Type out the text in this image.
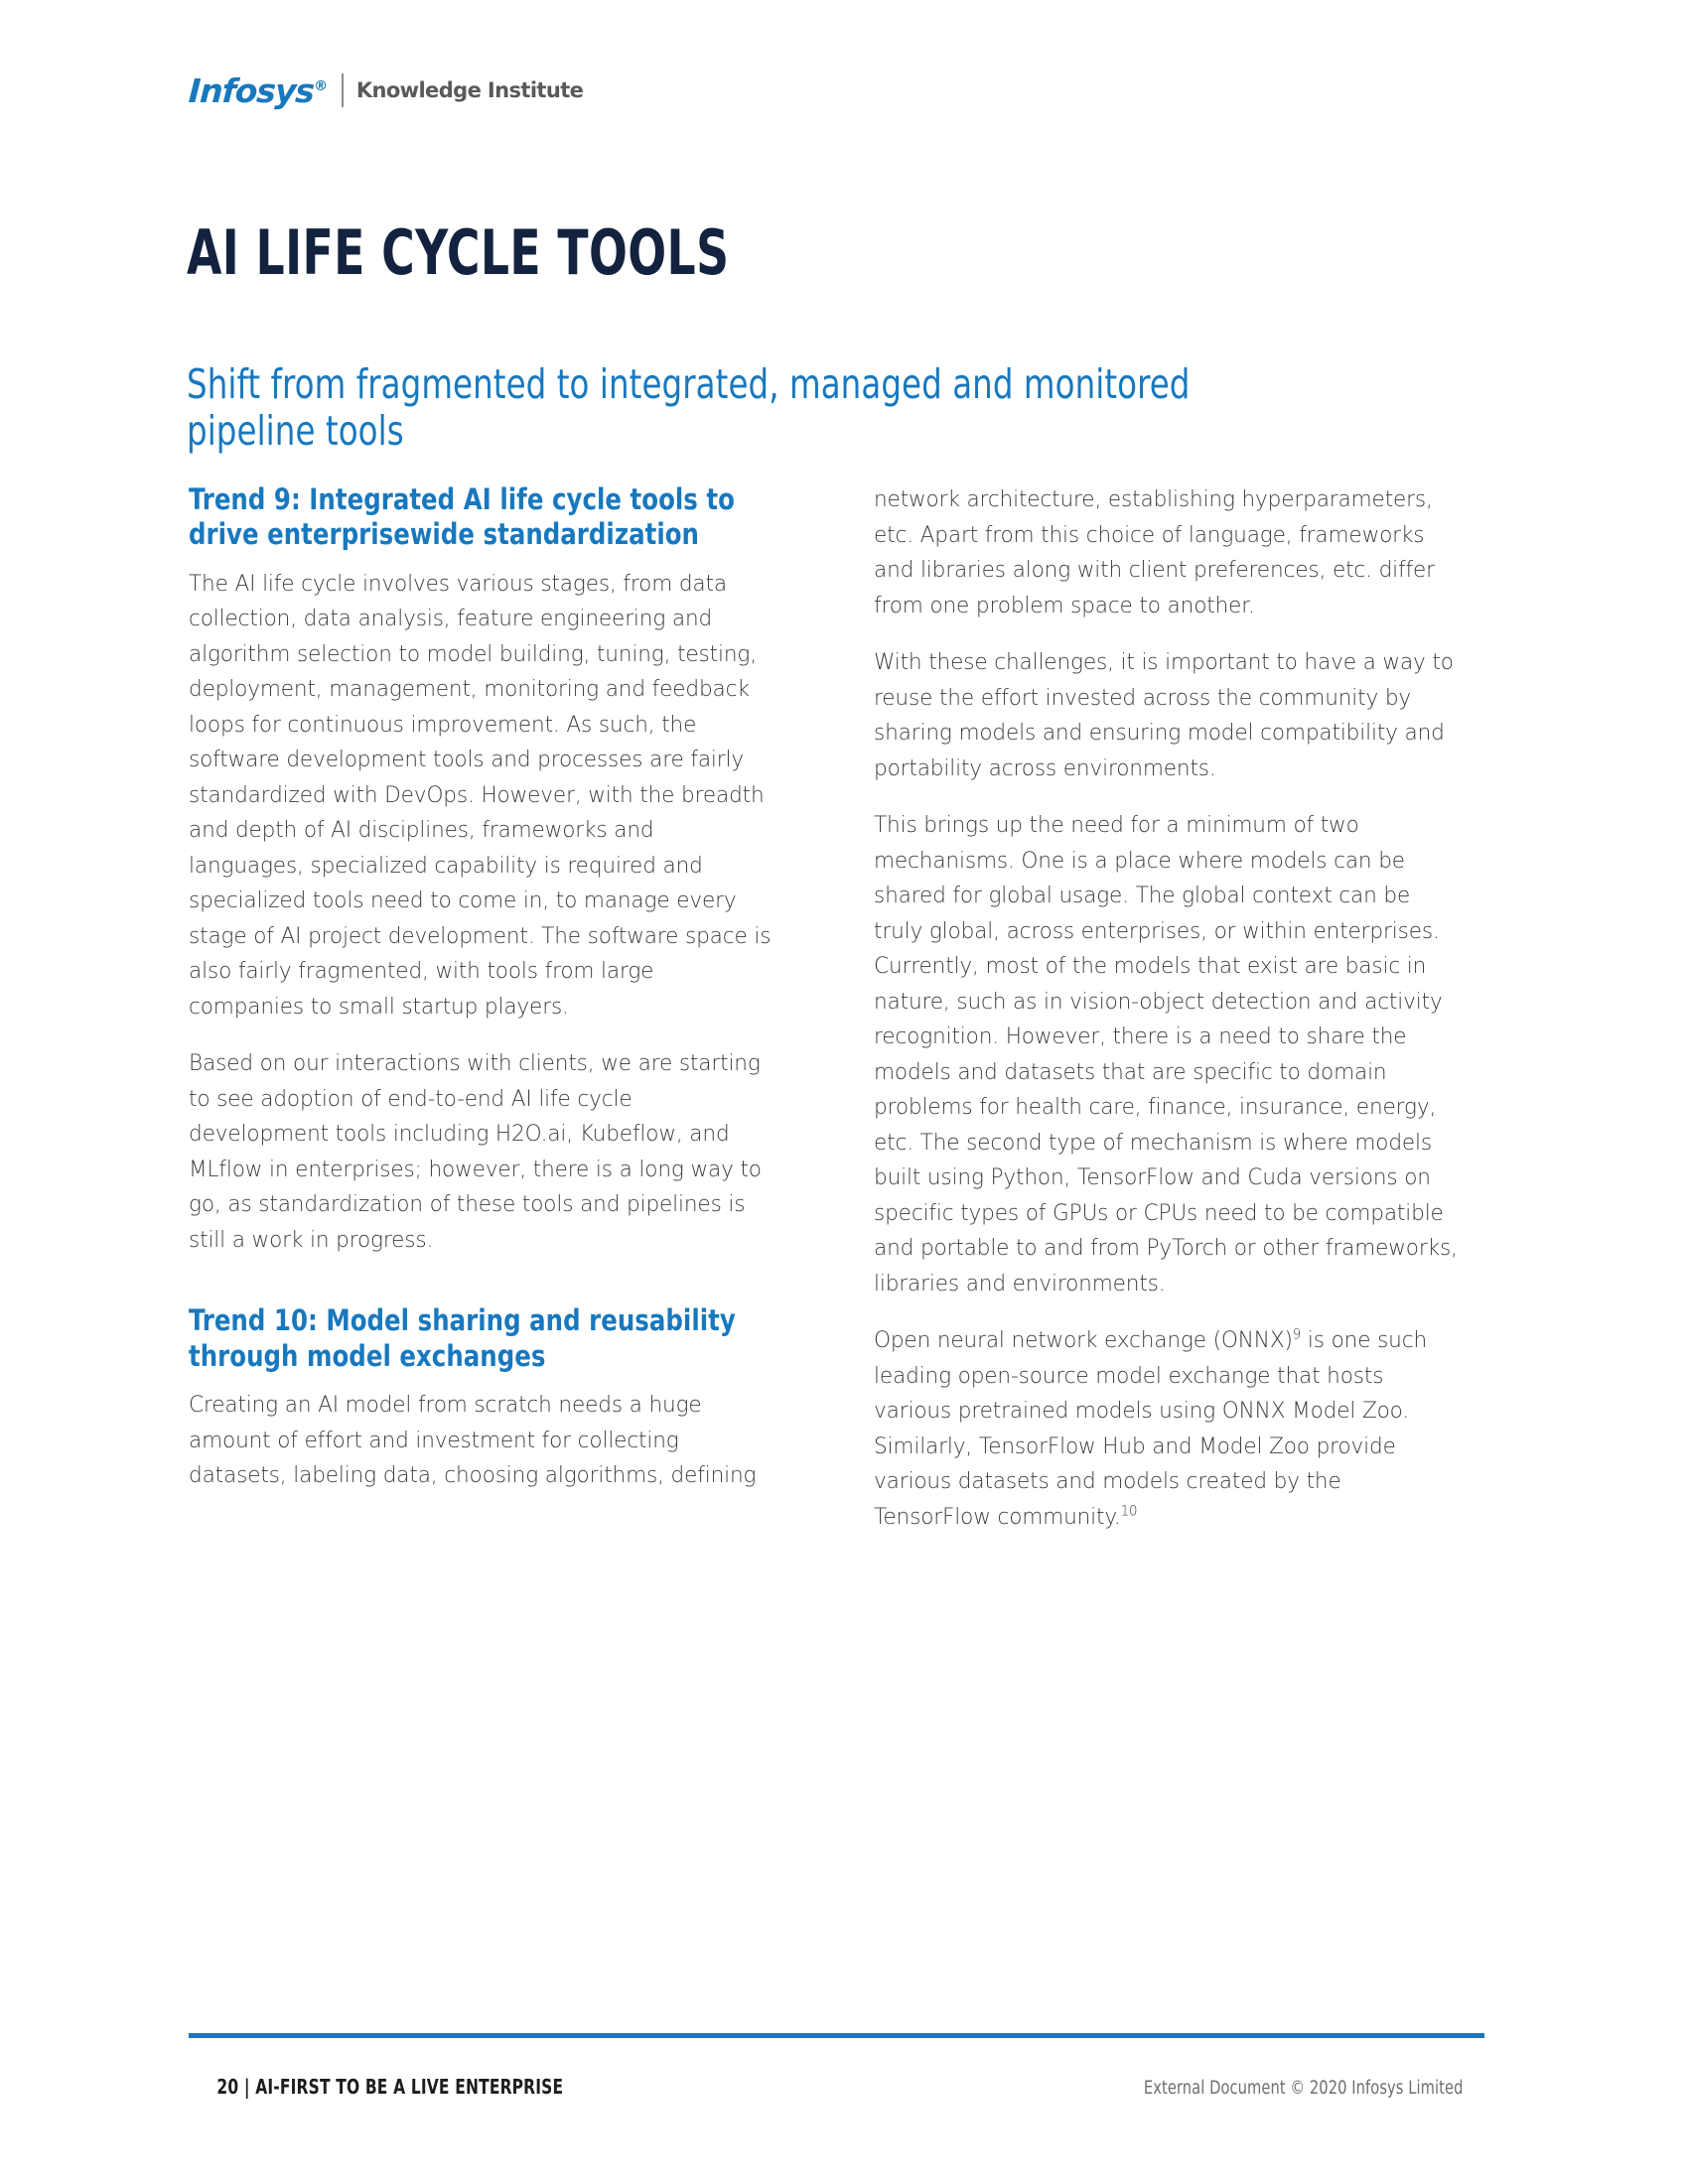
Infosys® Knowledge Institute
AI LIFE CYCLE TOOLS
Shift from fragmented to integrated, managed and monitored pipeline tools
Trend 9: Integrated AI life cycle tools to drive enterprisewide standardization

The AI life cycle involves various stages, from data collection, data analysis, feature engineering and algorithm selection to model building, tuning, testing, deployment, management, monitoring and feedback loops for continuous improvement. As such, the software development tools and processes are fairly standardized with DevOps. However, with the breadth and depth of AI disciplines, frameworks and languages, specialized capability is required and specialized tools need to come in, to manage every stage of AI project development. The software space is also fairly fragmented, with tools from large companies to small startup players.

Based on our interactions with clients, we are starting to see adoption of end-to-end AI life cycle development tools including H2O.ai, Kubeflow, and MLflow in enterprises; however, there is a long way to go, as standardization of these tools and pipelines is still a work in progress.

Trend 10: Model sharing and reusability through model exchanges

Creating an AI model from scratch needs a huge amount of effort and investment for collecting datasets, labeling data, choosing algorithms, defining

network architecture, establishing hyperparameters, etc. Apart from this choice of language, frameworks and libraries along with client preferences, etc. differ from one problem space to another.

With these challenges, it is important to have a way to reuse the effort invested across the community by sharing models and ensuring model compatibility and portability across environments.

This brings up the need for a minimum of two mechanisms. One is a place where models can be shared for global usage. The global context can be truly global, across enterprises, or within enterprises. Currently, most of the models that exist are basic in nature, such as in vision-object detection and activity recognition. However, there is a need to share the models and datasets that are specific to domain problems for health care, finance, insurance, energy, etc. The second type of mechanism is where models built using Python, TensorFlow and Cuda versions on specific types of GPUs or CPUs need to be compatible and portable to and from PyTorch or other frameworks, libraries and environments.

Open neural network exchange (ONNX)$^9$ is one such leading open-source model exchange that hosts various pretrained models using ONNX Model Zoo. Similarly, TensorFlow Hub and Model Zoo provide various datasets and models created by the TensorFlow community.$^{10}$

20 | AI-FIRST TO BE A LIVE ENTERPRISE	External Document © 2020 Infosys Limited
